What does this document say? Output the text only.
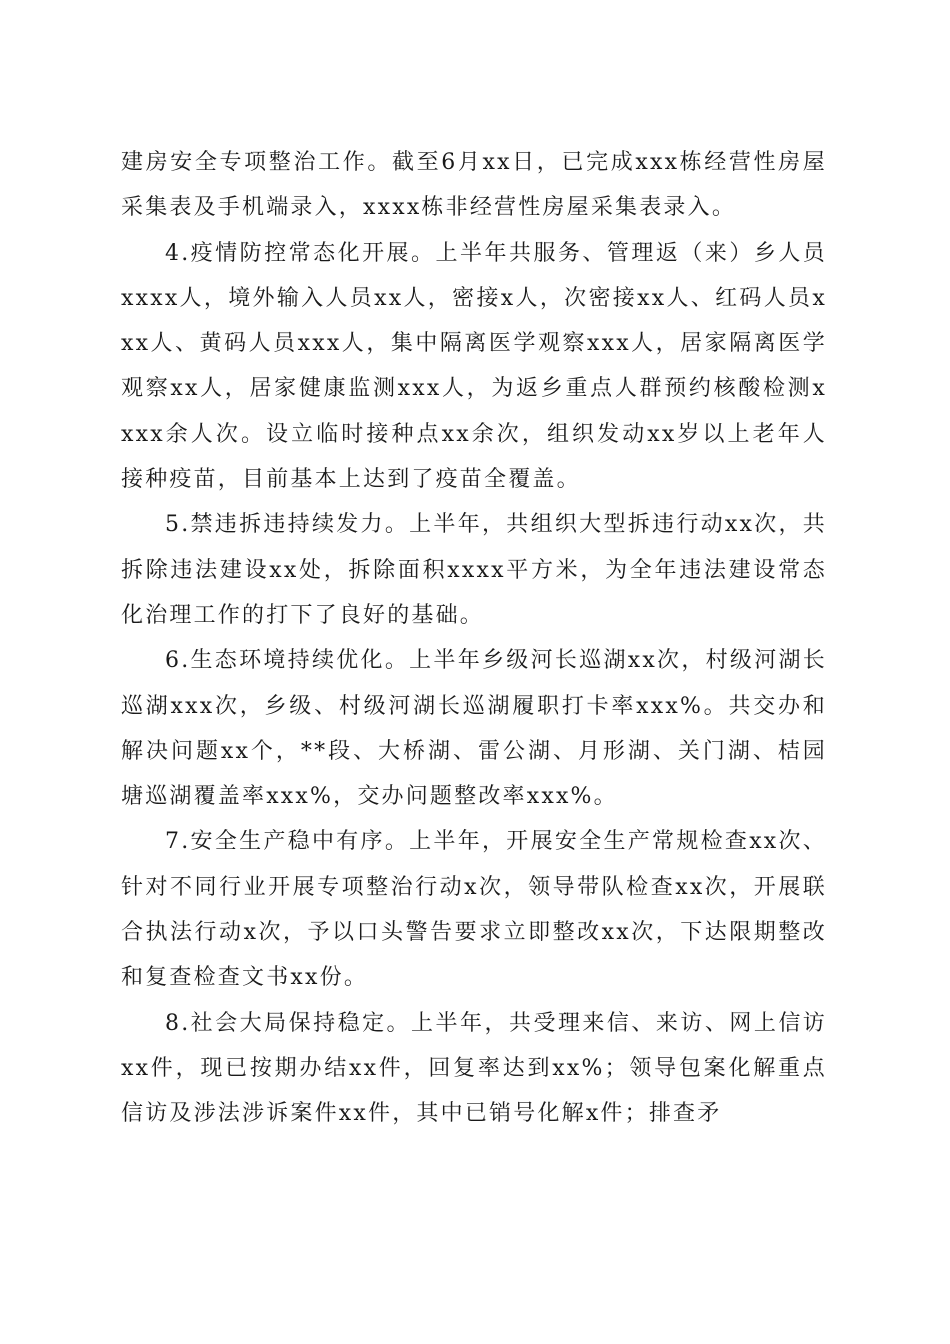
建房安全专项整治工作。截至6月xx日，已完成xxx栋经营性房屋采集表及手机端录入，xxxx栋非经营性房屋采集表录入。

4.疫情防控常态化开展。上半年共服务、管理返（来）乡人员xxxx人，境外输入人员xx人，密接x人，次密接xx人、红码人员xxx人、黄码人员xxx人，集中隔离医学观察xxx人，居家隔离医学观察xx人，居家健康监测xxx人，为返乡重点人群预约核酸检测xxxx余人次。设立临时接种点xx余次，组织发动xx岁以上老年人接种疫苗，目前基本上达到了疫苗全覆盖。

5.禁违拆违持续发力。上半年，共组织大型拆违行动xx次，共拆除违法建设xx处，拆除面积xxxx平方米，为全年违法建设常态化治理工作的打下了良好的基础。

6.生态环境持续优化。上半年乡级河长巡湖xx次，村级河湖长巡湖xxx次，乡级、村级河湖长巡湖履职打卡率xxx%。共交办和解决问题xx个，**段、大桥湖、雷公湖、月形湖、关门湖、桔园塘巡湖覆盖率xxx%，交办问题整改率xxx%。

7.安全生产稳中有序。上半年，开展安全生产常规检查xx次、针对不同行业开展专项整治行动x次，领导带队检查xx次，开展联合执法行动x次，予以口头警告要求立即整改xx次，下达限期整改和复查检查文书xx份。

8.社会大局保持稳定。上半年，共受理来信、来访、网上信访xx件，现已按期办结xx件，回复率达到xx%；领导包案化解重点信访及涉法涉诉案件xx件，其中已销号化解x件；排查矛
